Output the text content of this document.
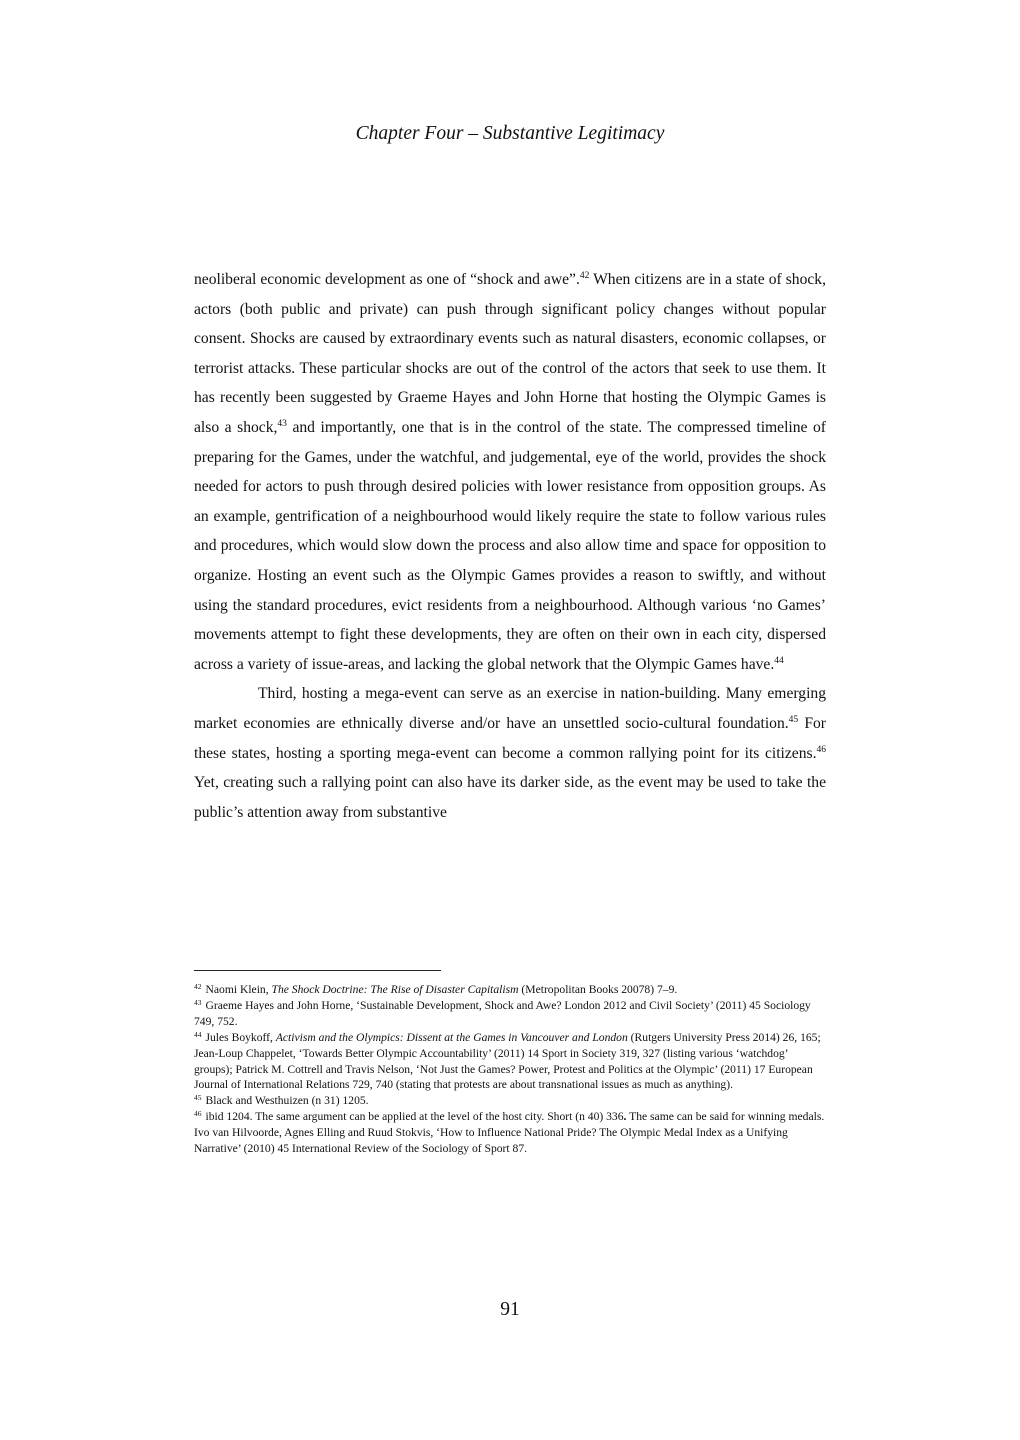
Chapter Four – Substantive Legitimacy

neoliberal economic development as one of “shock and awe”.$^{42}$ When citizens are in a state of shock, actors (both public and private) can push through significant policy changes without popular consent. Shocks are caused by extraordinary events such as natural disasters, economic collapses, or terrorist attacks. These particular shocks are out of the control of the actors that seek to use them. It has recently been suggested by Graeme Hayes and John Horne that hosting the Olympic Games is also a shock,$^{43}$ and importantly, one that is in the control of the state. The compressed timeline of preparing for the Games, under the watchful, and judgemental, eye of the world, provides the shock needed for actors to push through desired policies with lower resistance from opposition groups. As an example, gentrification of a neighbourhood would likely require the state to follow various rules and procedures, which would slow down the process and also allow time and space for opposition to organize. Hosting an event such as the Olympic Games provides a reason to swiftly, and without using the standard procedures, evict residents from a neighbourhood. Although various ‘no Games’ movements attempt to fight these developments, they are often on their own in each city, dispersed across a variety of issue-areas, and lacking the global network that the Olympic Games have.$^{44}$

Third, hosting a mega-event can serve as an exercise in nation-building. Many emerging market economies are ethnically diverse and/or have an unsettled socio-cultural foundation.$^{45}$ For these states, hosting a sporting mega-event can become a common rallying point for its citizens.$^{46}$ Yet, creating such a rallying point can also have its darker side, as the event may be used to take the public’s attention away from substantive

$^{42}$ Naomi Klein, The Shock Doctrine: The Rise of Disaster Capitalism (Metropolitan Books 20078) 7–9.

$^{43}$ Graeme Hayes and John Horne, ‘Sustainable Development, Shock and Awe? London 2012 and Civil Society’ (2011) 45 Sociology 749, 752.

$^{44}$ Jules Boykoff, Activism and the Olympics: Dissent at the Games in Vancouver and London (Rutgers University Press 2014) 26, 165; Jean-Loup Chappelet, ‘Towards Better Olympic Accountability’ (2011) 14 Sport in Society 319, 327 (listing various ‘watchdog’ groups); Patrick M. Cottrell and Travis Nelson, ‘Not Just the Games? Power, Protest and Politics at the Olympic’ (2011) 17 European Journal of International Relations 729, 740 (stating that protests are about transnational issues as much as anything).

$^{45}$ Black and Westhuizen (n 31) 1205.

$^{46}$ ibid 1204. The same argument can be applied at the level of the host city. Short (n 40) 336. The same can be said for winning medals. Ivo van Hilvoorde, Agnes Elling and Ruud Stokvis, ‘How to Influence National Pride? The Olympic Medal Index as a Unifying Narrative’ (2010) 45 International Review of the Sociology of Sport 87.

91
